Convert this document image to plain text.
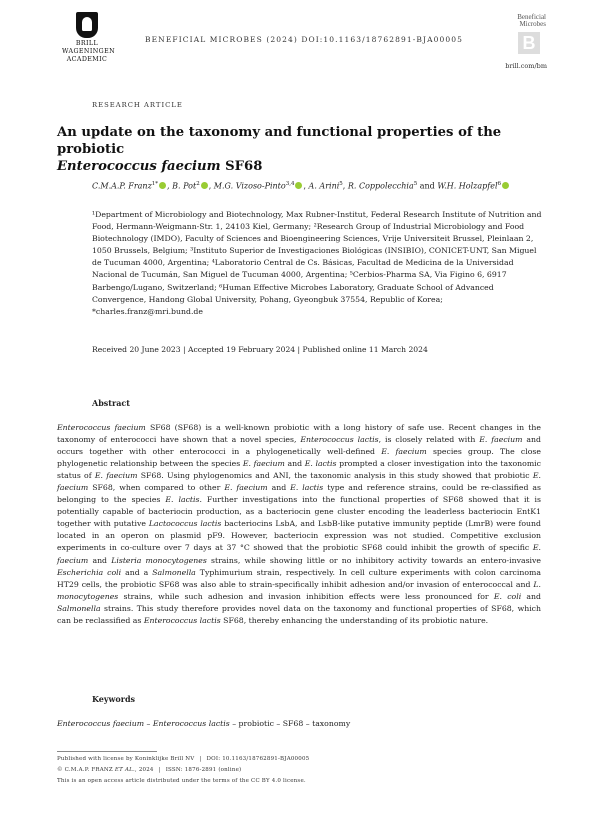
BRILL
WAGENINGEN
ACADEMIC
BENEFICIAL MICROBES (2024) DOI:10.1163/18762891-BJA00005
Beneficial
Microbes
B
brill.com/bm
RESEARCH ARTICLE
An update on the taxonomy and functional properties of the probiotic
Enterococcus faecium SF68
C.M.A.P. Franz$^{1*}$ , B. Pot$^2$ , M.G. Vizoso-Pinto$^{3,4}$ , A. Arini$^5$, R. Coppolecchia$^5$ and W.H. Holzapfel$^6$
¹Department of Microbiology and Biotechnology, Max Rubner-Institut, Federal Research Institute of Nutrition and Food, Hermann-Weigmann-Str. 1, 24103 Kiel, Germany; ²Research Group of Industrial Microbiology and Food Biotechnology (IMDO), Faculty of Sciences and Bioengineering Sciences, Vrije Universiteit Brussel, Pleinlaan 2, 1050 Brussels, Belgium; ³Instituto Superior de Investigaciones Biológicas (INSIBIO), CONICET-UNT, San Miguel de Tucuman 4000, Argentina; ⁴Laboratorio Central de Cs. Básicas, Facultad de Medicina de la Universidad Nacional de Tucumán, San Miguel de Tucuman 4000, Argentina; ⁵Cerbios-Pharma SA, Via Figino 6, 6917 Barbengo/Lugano, Switzerland; ⁶Human Effective Microbes Laboratory, Graduate School of Advanced Convergence, Handong Global University, Pohang, Gyeongbuk 37554, Republic of Korea; *charles.franz@mri.bund.de
Received 20 June 2023 | Accepted 19 February 2024 | Published online 11 March 2024
Abstract
Enterococcus faecium SF68 (SF68) is a well-known probiotic with a long history of safe use. Recent changes in the taxonomy of enterococci have shown that a novel species, Enterococcus lactis, is closely related with E. faecium and occurs together with other enterococci in a phylogenetically well-defined E. faecium species group. The close phylogenetic relationship between the species E. faecium and E. lactis prompted a closer investigation into the taxonomic status of E. faecium SF68. Using phylogenomics and ANI, the taxonomic analysis in this study showed that probiotic E. faecium SF68, when compared to other E. faecium and E. lactis type and reference strains, could be re-classified as belonging to the species E. lactis. Further investigations into the functional properties of SF68 showed that it is potentially capable of bacteriocin production, as a bacteriocin gene cluster encoding the leaderless bacteriocin EntK1 together with putative Lactococcus lactis bacteriocins LsbA, and LsbB-like putative immunity peptide (LmrB) were found located in an operon on plasmid pF9. However, bacteriocin expression was not studied. Competitive exclusion experiments in co-culture over 7 days at 37 °C showed that the probiotic SF68 could inhibit the growth of specific E. faecium and Listeria monocytogenes strains, while showing little or no inhibitory activity towards an entero-invasive Escherichia coli and a Salmonella Typhimurium strain, respectively. In cell culture experiments with colon carcinoma HT29 cells, the probiotic SF68 was also able to strain-specifically inhibit adhesion and/or invasion of enterococcal and L. monocytogenes strains, while such adhesion and invasion inhibition effects were less pronounced for E. coli and Salmonella strains. This study therefore provides novel data on the taxonomy and functional properties of SF68, which can be reclassified as Enterococcus lactis SF68, thereby enhancing the understanding of its probiotic nature.
Keywords
Enterococcus faecium – Enterococcus lactis – probiotic – SF68 – taxonomy
Published with license by Koninklijke Brill NV | DOI: 10.1163/18762891-BJA00005
© C.M.A.P. FRANZ ET AL., 2024 | ISSN: 1876-2891 (online)
This is an open access article distributed under the terms of the CC BY 4.0 license.
